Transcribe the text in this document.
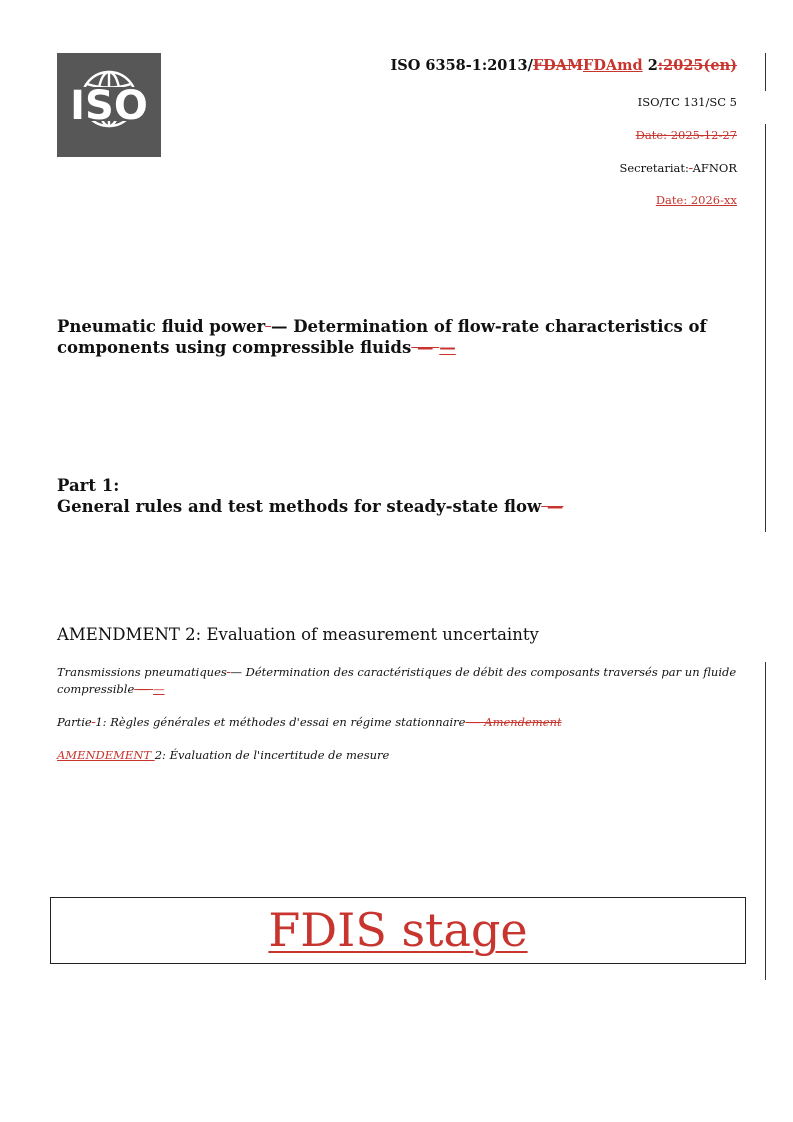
ISO
ISO 6358-1:2013/FDAMFDAmd 2:2025(en)
ISO/TC 131/SC 5
Date: 2025-12-27
Secretariat: AFNOR
Date: 2026-xx
Pneumatic fluid power — Determination of flow-rate characteristics of components using compressible fluids — —
Part 1:
General rules and test methods for steady-state flow —
AMENDMENT 2: Evaluation of measurement uncertainty
Transmissions pneumatiques — Détermination des caractéristiques de débit des composants traversés par un fluide compressible — —
Partie 1: Règles générales et méthodes d'essai en régime stationnaire — Amendement
AMENDEMENT 2: Évaluation de l'incertitude de mesure
FDIS stage
